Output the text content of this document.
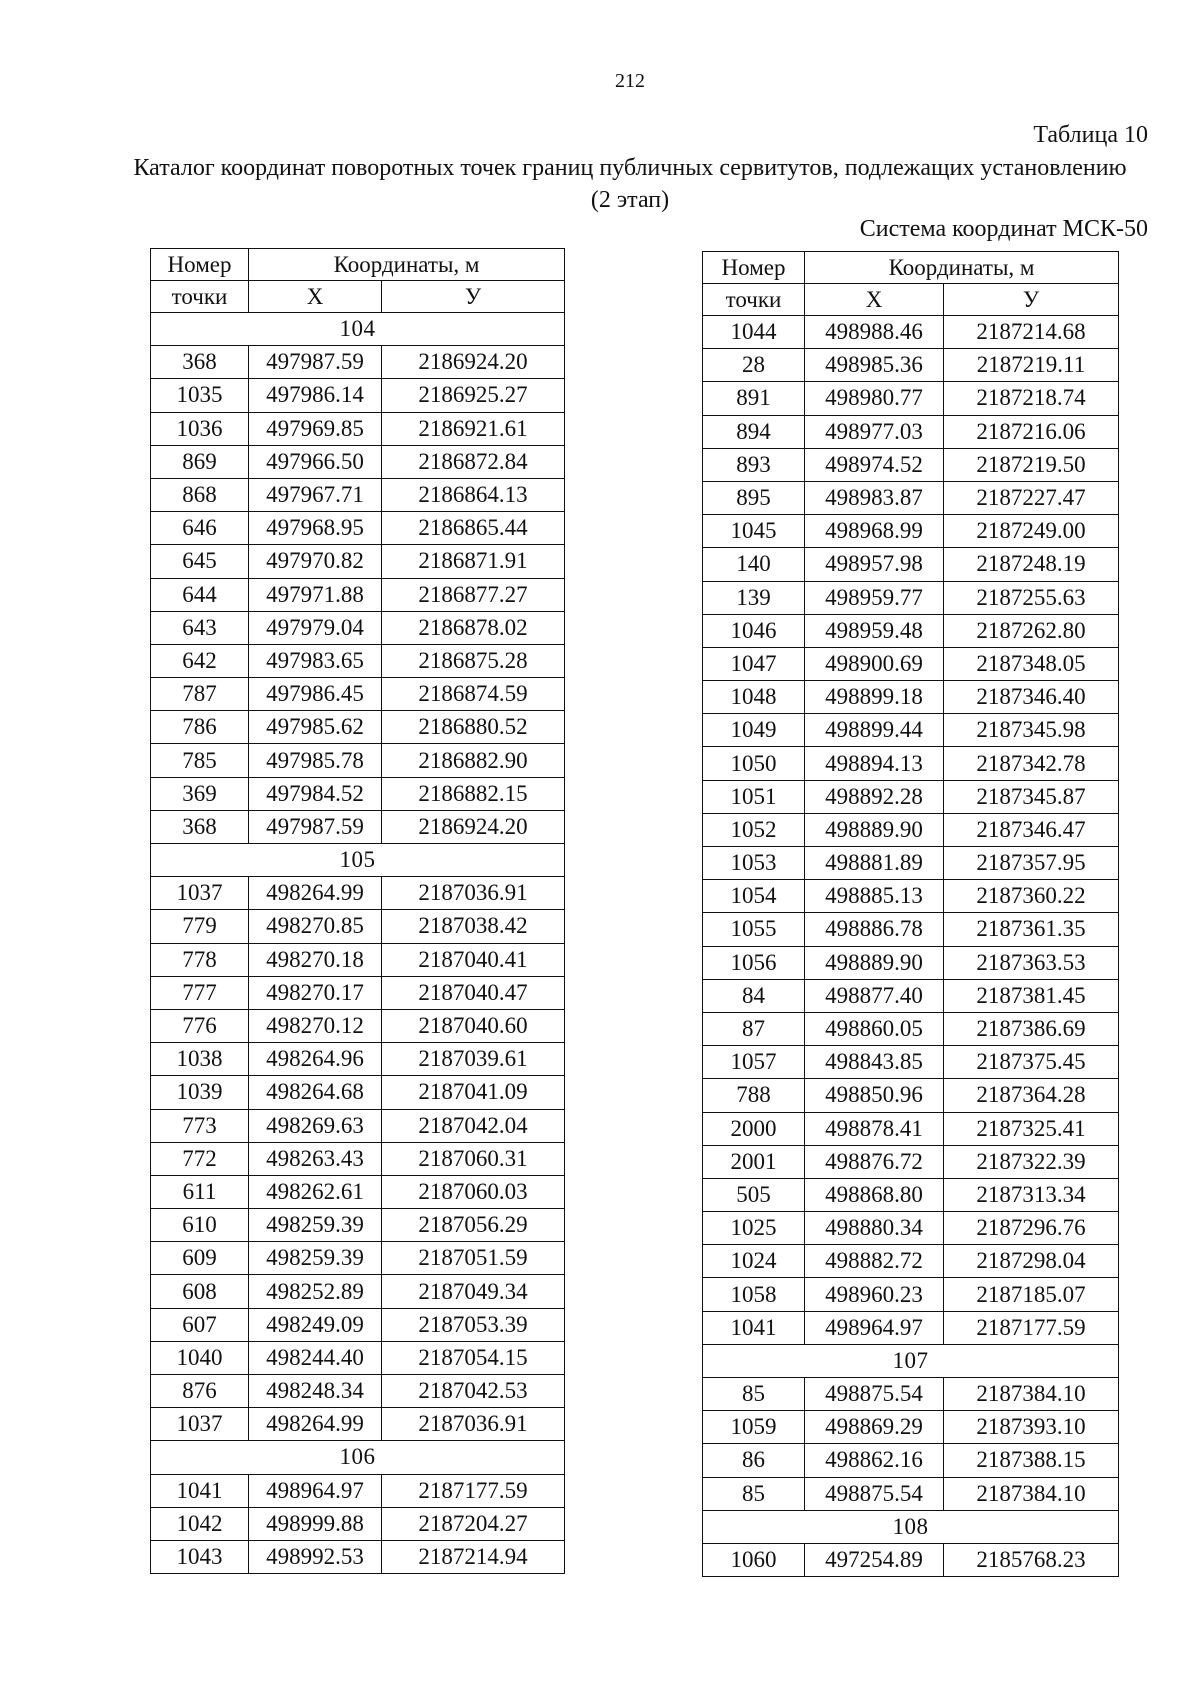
212
Таблица 10
Каталог координат поворотных точек границ публичных сервитутов, подлежащих установлению
(2 этап)
Система координат МСК-50
Номер	Координаты, м	
точки	Х	У
104		
368	497987.59	2186924.20
1035	497986.14	2186925.27
1036	497969.85	2186921.61
869	497966.50	2186872.84
868	497967.71	2186864.13
646	497968.95	2186865.44
645	497970.82	2186871.91
644	497971.88	2186877.27
643	497979.04	2186878.02
642	497983.65	2186875.28
787	497986.45	2186874.59
786	497985.62	2186880.52
785	497985.78	2186882.90
369	497984.52	2186882.15
368	497987.59	2186924.20
105		
1037	498264.99	2187036.91
779	498270.85	2187038.42
778	498270.18	2187040.41
777	498270.17	2187040.47
776	498270.12	2187040.60
1038	498264.96	2187039.61
1039	498264.68	2187041.09
773	498269.63	2187042.04
772	498263.43	2187060.31
611	498262.61	2187060.03
610	498259.39	2187056.29
609	498259.39	2187051.59
608	498252.89	2187049.34
607	498249.09	2187053.39
1040	498244.40	2187054.15
876	498248.34	2187042.53
1037	498264.99	2187036.91
106		
1041	498964.97	2187177.59
1042	498999.88	2187204.27
1043	498992.53	2187214.94
Номер	Координаты, м	
точки	Х	У
1044	498988.46	2187214.68
28	498985.36	2187219.11
891	498980.77	2187218.74
894	498977.03	2187216.06
893	498974.52	2187219.50
895	498983.87	2187227.47
1045	498968.99	2187249.00
140	498957.98	2187248.19
139	498959.77	2187255.63
1046	498959.48	2187262.80
1047	498900.69	2187348.05
1048	498899.18	2187346.40
1049	498899.44	2187345.98
1050	498894.13	2187342.78
1051	498892.28	2187345.87
1052	498889.90	2187346.47
1053	498881.89	2187357.95
1054	498885.13	2187360.22
1055	498886.78	2187361.35
1056	498889.90	2187363.53
84	498877.40	2187381.45
87	498860.05	2187386.69
1057	498843.85	2187375.45
788	498850.96	2187364.28
2000	498878.41	2187325.41
2001	498876.72	2187322.39
505	498868.80	2187313.34
1025	498880.34	2187296.76
1024	498882.72	2187298.04
1058	498960.23	2187185.07
1041	498964.97	2187177.59
107		
85	498875.54	2187384.10
1059	498869.29	2187393.10
86	498862.16	2187388.15
85	498875.54	2187384.10
108		
1060	497254.89	2185768.23
